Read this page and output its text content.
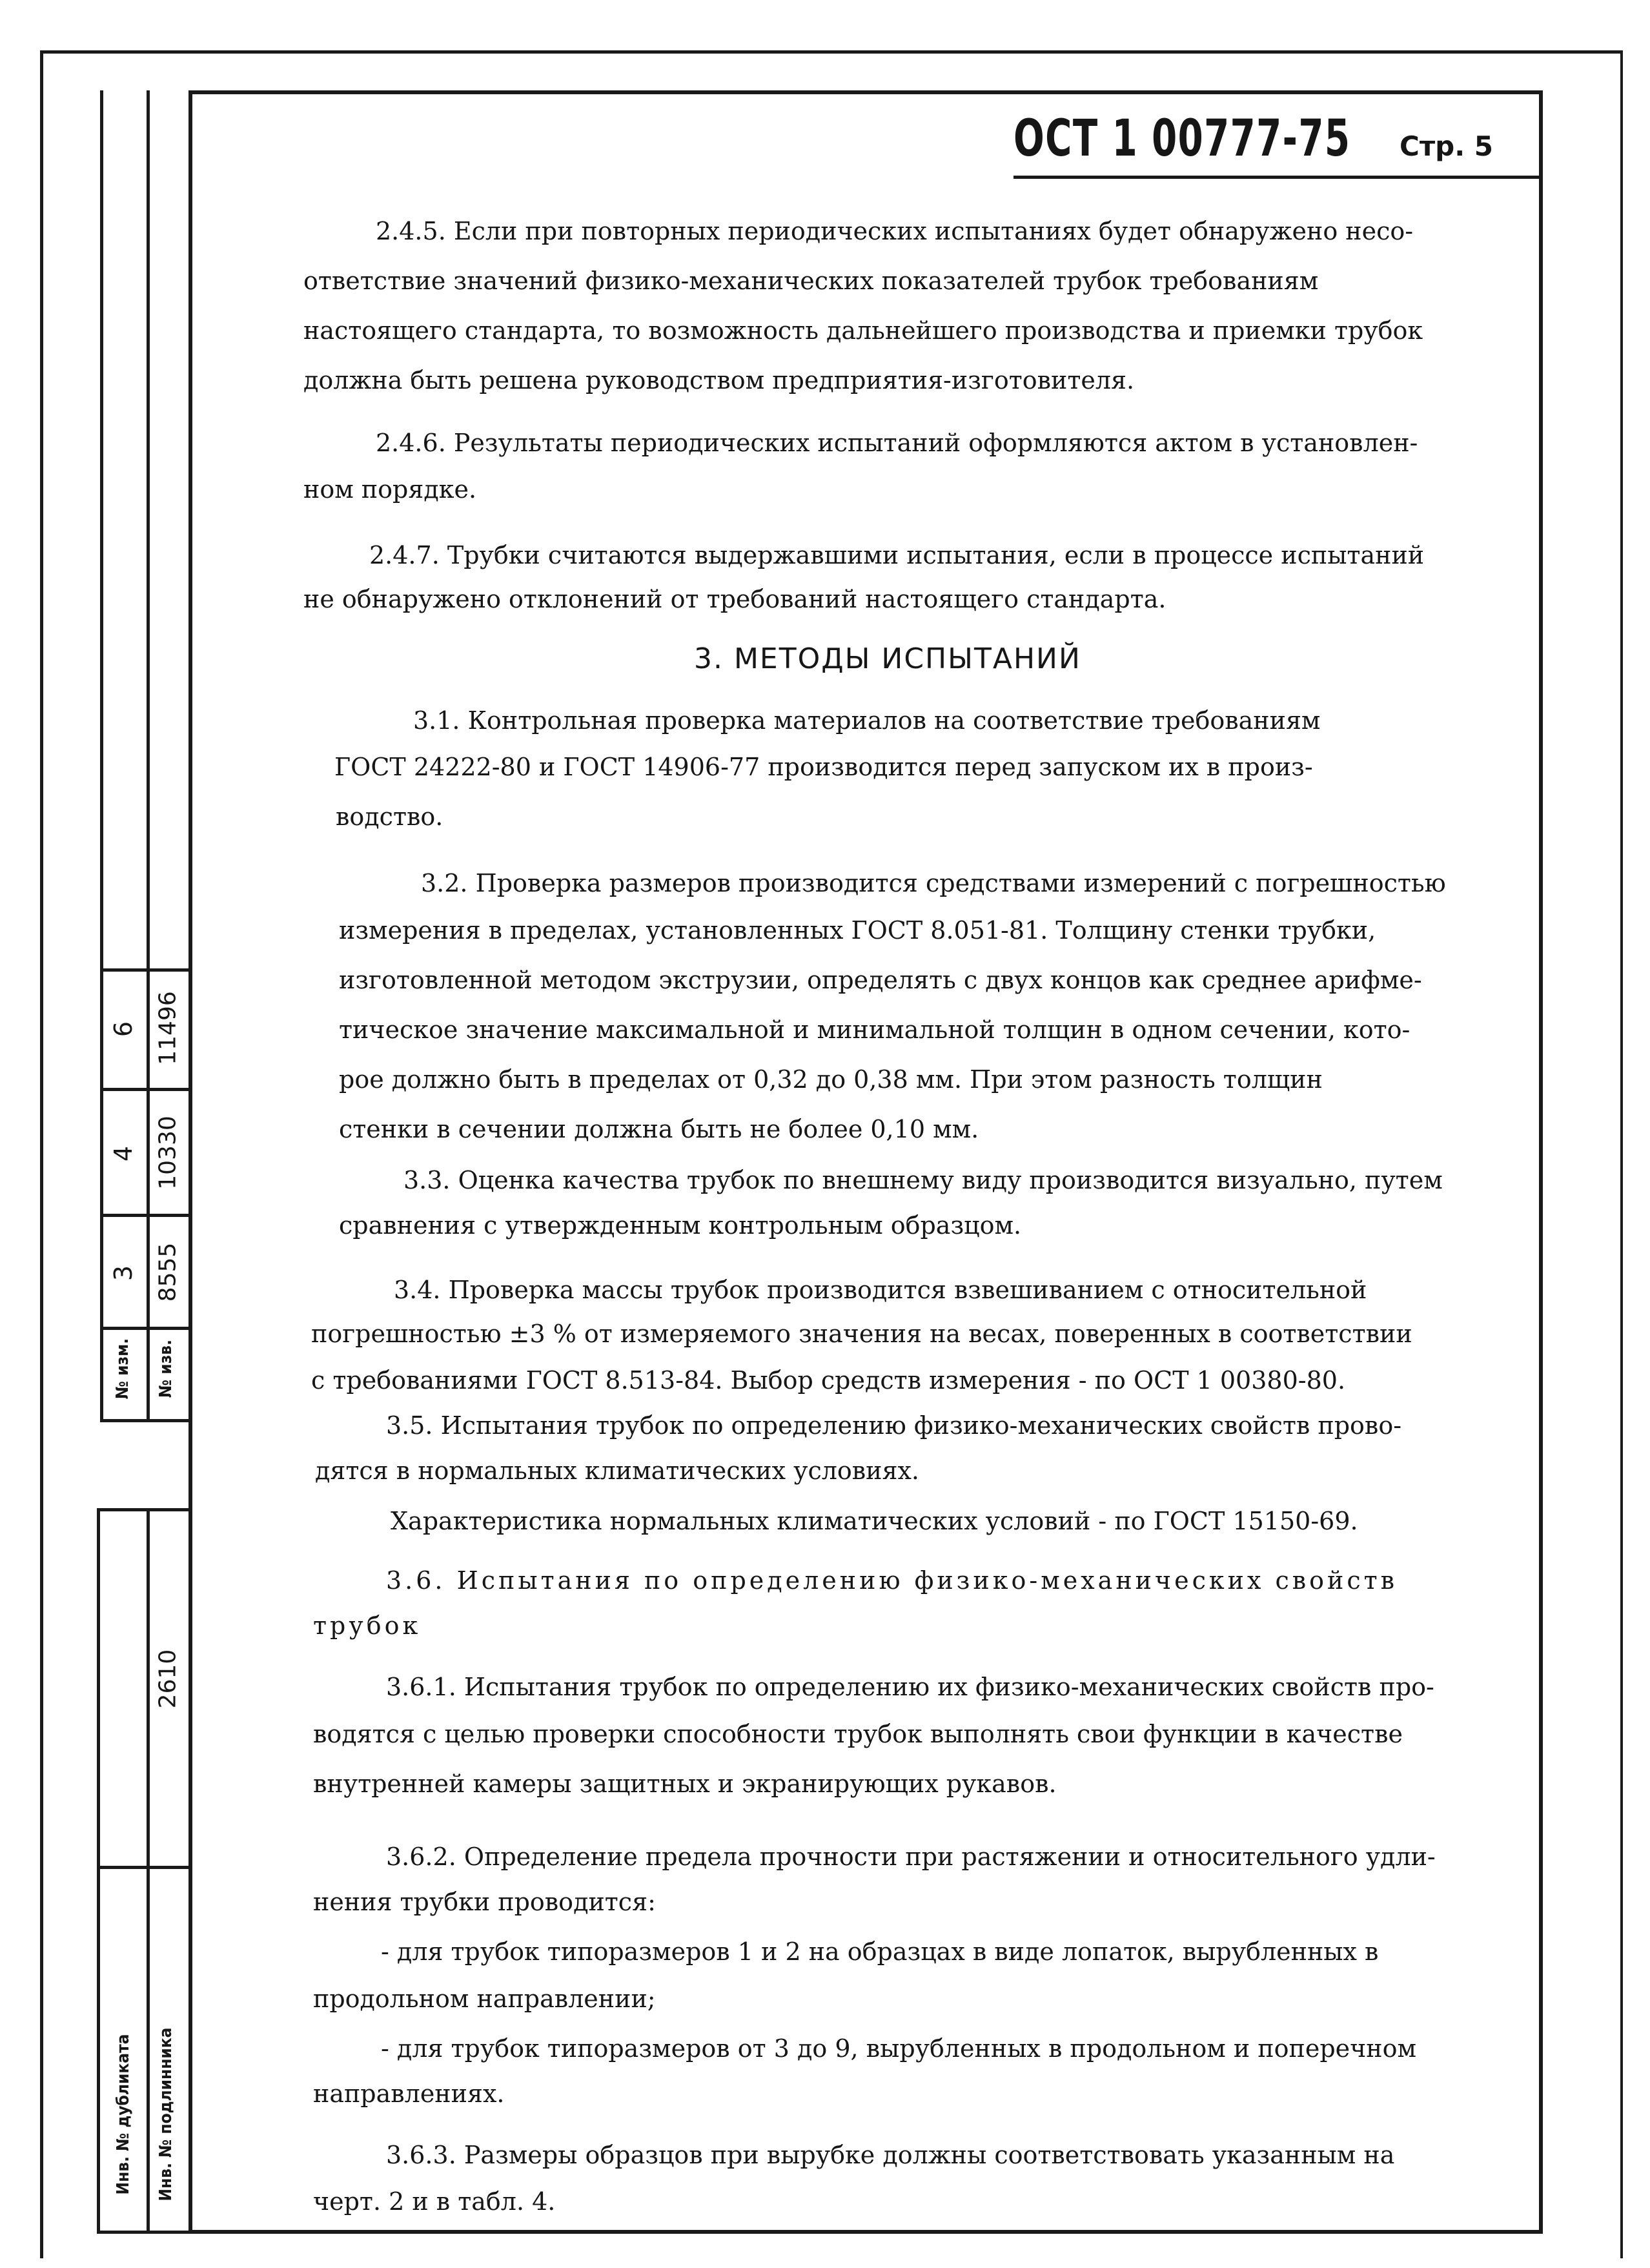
6 11496
4 10330
3 8555
№ изм. № изв.
2610
Инв. № дубликата Инв. № подлинника
ОСТ 1 00777-75 Стр. 5
2.4.5. Если при повторных периодических испытаниях будет обнаружено несо-
ответствие значений физико-механических показателей трубок требованиям
настоящего стандарта, то возможность дальнейшего производства и приемки трубок
должна быть решена руководством предприятия-изготовителя.
2.4.6. Результаты периодических испытаний оформляются актом в установлен-
ном порядке.
2.4.7. Трубки считаются выдержавшими испытания, если в процессе испытаний
не обнаружено отклонений от требований настоящего стандарта.
3. МЕТОДЫ ИСПЫТАНИЙ
3.1. Контрольная проверка материалов на соответствие требованиям
ГОСТ 24222-80 и ГОСТ 14906-77 производится перед запуском их в произ-
водство.
3.2. Проверка размеров производится средствами измерений с погрешностью
измерения в пределах, установленных ГОСТ 8.051-81. Толщину стенки трубки,
изготовленной методом экструзии, определять с двух концов как среднее арифме-
тическое значение максимальной и минимальной толщин в одном сечении, кото-
рое должно быть в пределах от 0,32 до 0,38 мм. При этом разность толщин
стенки в сечении должна быть не более 0,10 мм.
3.3. Оценка качества трубок по внешнему виду производится визуально, путем
сравнения с утвержденным контрольным образцом.
3.4. Проверка массы трубок производится взвешиванием с относительной
погрешностью ±3 % от измеряемого значения на весах, поверенных в соответствии
с требованиями ГОСТ 8.513-84. Выбор средств измерения - по ОСТ 1 00380-80.
3.5. Испытания трубок по определению физико-механических свойств прово-
дятся в нормальных климатических условиях.
Характеристика нормальных климатических условий - по ГОСТ 15150-69.
3.6. Испытания по определению физико-механических свойств
трубок
3.6.1. Испытания трубок по определению их физико-механических свойств про-
водятся с целью проверки способности трубок выполнять свои функции в качестве
внутренней камеры защитных и экранирующих рукавов.
3.6.2. Определение предела прочности при растяжении и относительного удли-
нения трубки проводится:
- для трубок типоразмеров 1 и 2 на образцах в виде лопаток, вырубленных в
продольном направлении;
- для трубок типоразмеров от 3 до 9, вырубленных в продольном и поперечном
направлениях.
3.6.3. Размеры образцов при вырубке должны соответствовать указанным на
черт. 2 и в табл. 4.
